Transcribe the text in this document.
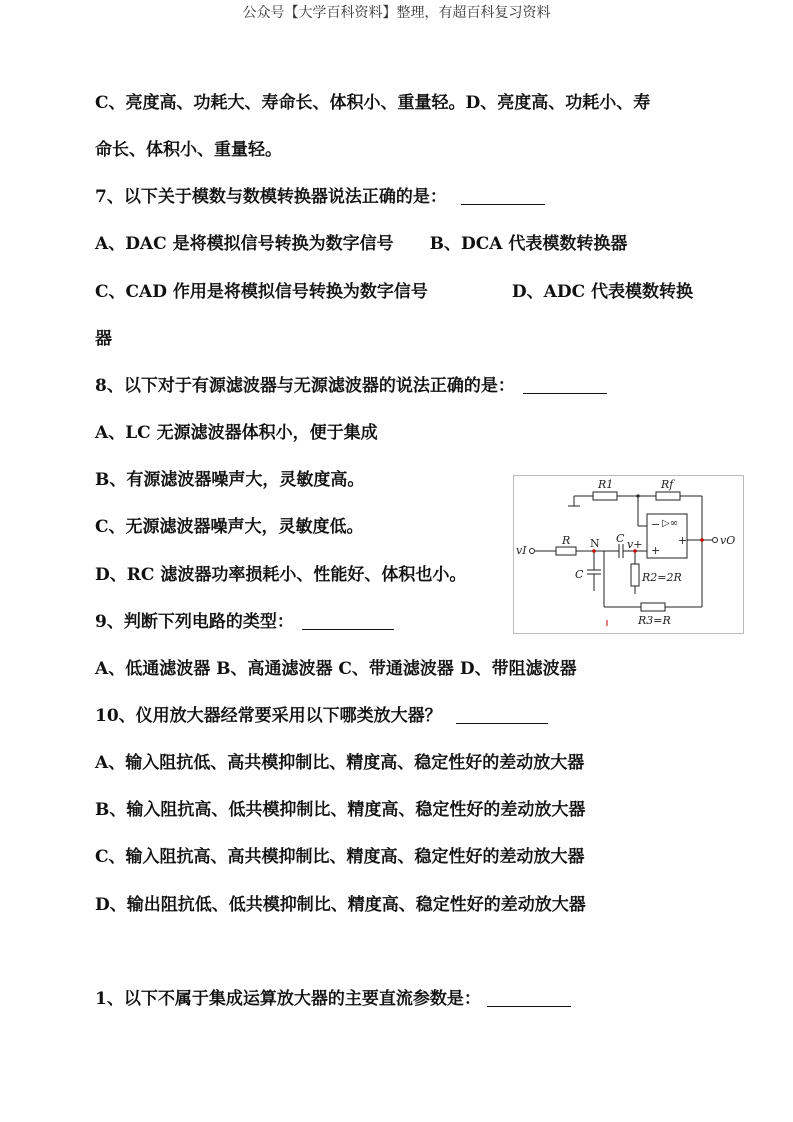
公众号【大学百科资料】整理，有超百科复习资料
C、亮度高、功耗大、寿命长、体积小、重量轻。D、亮度高、功耗小、寿
命长、体积小、重量轻。
7、以下关于模数与数模转换器说法正确的是：
A、DAC 是将模拟信号转换为数字信号 B、DCA 代表模数转换器
C、CAD 作用是将模拟信号转换为数字信号	D、ADC 代表模数转换
器
8、以下对于有源滤波器与无源滤波器的说法正确的是：
A、LC 无源滤波器体积小，便于集成
B、有源滤波器噪声大，灵敏度高。
C、无源滤波器噪声大，灵敏度低。
D、RC 滤波器功率损耗小、性能好、体积也小。
9、判断下列电路的类型：
A、低通滤波器 B、高通滤波器 C、带通滤波器 D、带阻滤波器
10、仪用放大器经常要采用以下哪类放大器？
A、输入阻抗低、高共模抑制比、精度高、稳定性好的差动放大器
B、输入阻抗高、低共模抑制比、精度高、稳定性好的差动放大器
C、输入阻抗高、高共模抑制比、精度高、稳定性好的差动放大器
D、输出阻抗低、低共模抑制比、精度高、稳定性好的差动放大器
1、以下不属于集成运算放大器的主要直流参数是：
R1	Rf
vI
R N C v+
C	R2=2R
R3=R
vO
▷∞
−
+
+
